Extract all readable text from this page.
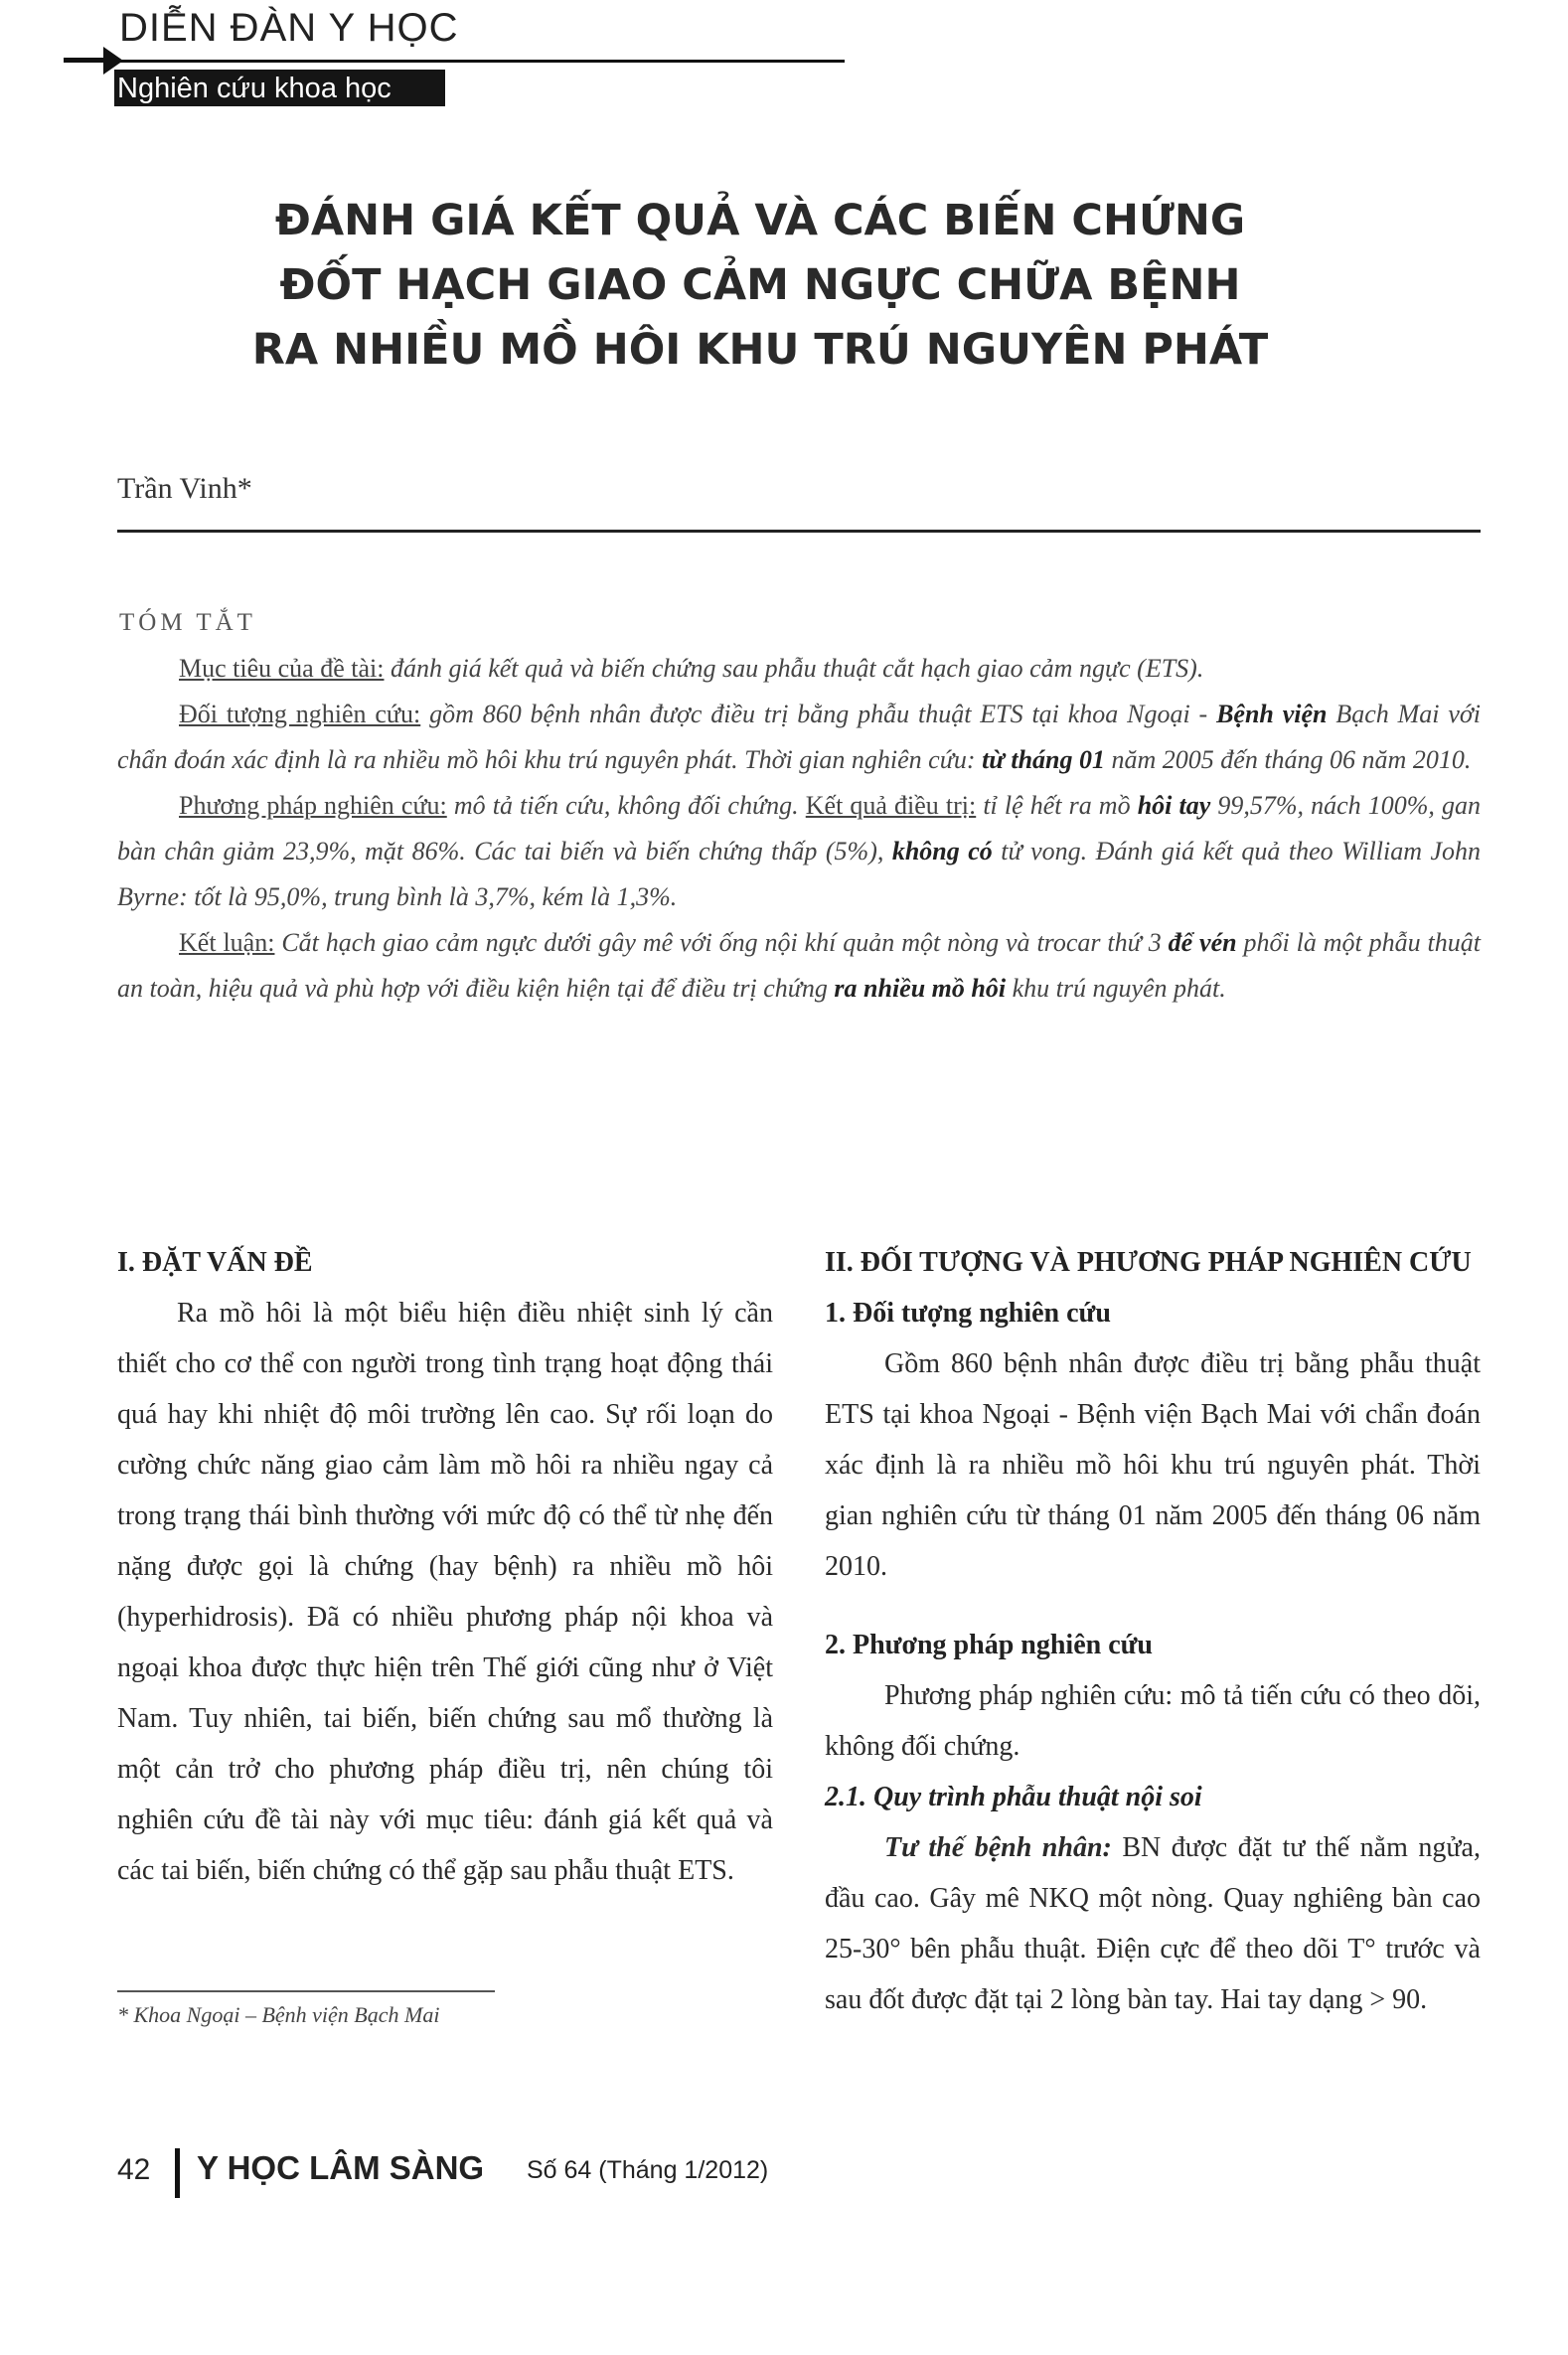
DIỄN ĐÀN Y HỌC
Nghiên cứu khoa học
ĐÁNH GIÁ KẾT QUẢ VÀ CÁC BIẾN CHỨNG
ĐỐT HẠCH GIAO CẢM NGỰC CHỮA BỆNH
RA NHIỀU MỒ HÔI KHU TRÚ NGUYÊN PHÁT
Trần Vinh*
TÓM TẮT

Mục tiêu của đề tài: đánh giá kết quả và biến chứng sau phẫu thuật cắt hạch giao cảm ngực (ETS).

Đối tượng nghiên cứu: gồm 860 bệnh nhân được điều trị bằng phẫu thuật ETS tại khoa Ngoại - Bệnh viện Bạch Mai với chẩn đoán xác định là ra nhiều mồ hôi khu trú nguyên phát. Thời gian nghiên cứu: từ tháng 01 năm 2005 đến tháng 06 năm 2010.

Phương pháp nghiên cứu: mô tả tiến cứu, không đối chứng. Kết quả điều trị: tỉ lệ hết ra mồ hôi tay 99,57%, nách 100%, gan bàn chân giảm 23,9%, mặt 86%. Các tai biến và biến chứng thấp (5%), không có tử vong. Đánh giá kết quả theo William John Byrne: tốt là 95,0%, trung bình là 3,7%, kém là 1,3%.

Kết luận: Cắt hạch giao cảm ngực dưới gây mê với ống nội khí quản một nòng và trocar thứ 3 để vén phổi là một phẫu thuật an toàn, hiệu quả và phù hợp với điều kiện hiện tại để điều trị chứng ra nhiều mồ hôi khu trú nguyên phát.

I. ĐẶT VẤN ĐỀ

Ra mồ hôi là một biểu hiện điều nhiệt sinh lý cần thiết cho cơ thể con người trong tình trạng hoạt động thái quá hay khi nhiệt độ môi trường lên cao. Sự rối loạn do cường chức năng giao cảm làm mồ hôi ra nhiều ngay cả trong trạng thái bình thường với mức độ có thể từ nhẹ đến nặng được gọi là chứng (hay bệnh) ra nhiều mồ hôi (hyperhidrosis). Đã có nhiều phương pháp nội khoa và ngoại khoa được thực hiện trên Thế giới cũng như ở Việt Nam. Tuy nhiên, tai biến, biến chứng sau mổ thường là một cản trở cho phương pháp điều trị, nên chúng tôi nghiên cứu đề tài này với mục tiêu: đánh giá kết quả và các tai biến, biến chứng có thể gặp sau phẫu thuật ETS.

II. ĐỐI TƯỢNG VÀ PHƯƠNG PHÁP NGHIÊN CỨU
1. Đối tượng nghiên cứu

Gồm 860 bệnh nhân được điều trị bằng phẫu thuật ETS tại khoa Ngoại - Bệnh viện Bạch Mai với chẩn đoán xác định là ra nhiều mồ hôi khu trú nguyên phát. Thời gian nghiên cứu từ tháng 01 năm 2005 đến tháng 06 năm 2010.

2. Phương pháp nghiên cứu

Phương pháp nghiên cứu: mô tả tiến cứu có theo dõi, không đối chứng.

2.1. Quy trình phẫu thuật nội soi

Tư thế bệnh nhân: BN được đặt tư thế nằm ngửa, đầu cao. Gây mê NKQ một nòng. Quay nghiêng bàn cao 25-30° bên phẫu thuật. Điện cực để theo dõi T° trước và sau đốt được đặt tại 2 lòng bàn tay. Hai tay dạng > 90.

* Khoa Ngoại – Bệnh viện Bạch Mai
42 Y HỌC LÂM SÀNG Số 64 (Tháng 1/2012)
